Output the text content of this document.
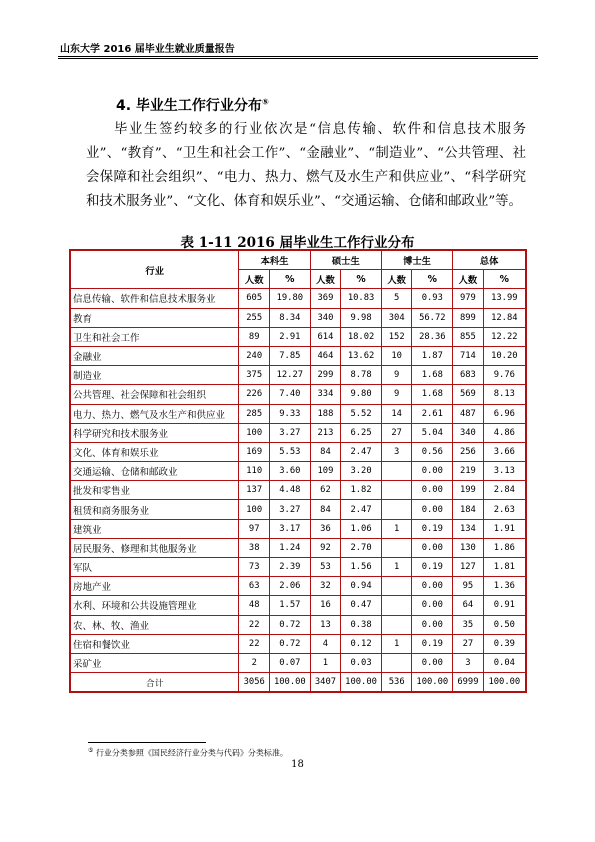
山东大学 2016 届毕业生就业质量报告
4. 毕业生工作行业分布⑤

毕业生签约较多的行业依次是“信息传输、软件和信息技术服务业”、“教育”、“卫生和社会工作”、“金融业”、“制造业”、“公共管理、社会保障和社会组织”、“电力、热力、燃气及水生产和供应业”、“科学研究和技术服务业”、“文化、体育和娱乐业”、“交通运输、仓储和邮政业”等。

表 1-11 2016 届毕业生工作行业分布
行业	本科生		硕士生		博士生		总体	
	人数	%	人数	%	人数	%	人数	%
信息传输、软件和信息技术服务业	605	19.80	369	10.83	5	0.93	979	13.99
教育	255	8.34	340	9.98	304	56.72	899	12.84
卫生和社会工作	89	2.91	614	18.02	152	28.36	855	12.22
金融业	240	7.85	464	13.62	10	1.87	714	10.20
制造业	375	12.27	299	8.78	9	1.68	683	9.76
公共管理、社会保障和社会组织	226	7.40	334	9.80	9	1.68	569	8.13
电力、热力、燃气及水生产和供应业	285	9.33	188	5.52	14	2.61	487	6.96
科学研究和技术服务业	100	3.27	213	6.25	27	5.04	340	4.86
文化、体育和娱乐业	169	5.53	84	2.47	3	0.56	256	3.66
交通运输、仓储和邮政业	110	3.60	109	3.20		0.00	219	3.13
批发和零售业	137	4.48	62	1.82		0.00	199	2.84
租赁和商务服务业	100	3.27	84	2.47		0.00	184	2.63
建筑业	97	3.17	36	1.06	1	0.19	134	1.91
居民服务、修理和其他服务业	38	1.24	92	2.70		0.00	130	1.86
军队	73	2.39	53	1.56	1	0.19	127	1.81
房地产业	63	2.06	32	0.94		0.00	95	1.36
水利、环境和公共设施管理业	48	1.57	16	0.47		0.00	64	0.91
农、林、牧、渔业	22	0.72	13	0.38		0.00	35	0.50
住宿和餐饮业	22	0.72	4	0.12	1	0.19	27	0.39
采矿业	2	0.07	1	0.03		0.00	3	0.04
合计	3056	100.00	3407	100.00	536	100.00	6999	100.00
⑤ 行业分类参照《国民经济行业分类与代码》分类标准。
18
